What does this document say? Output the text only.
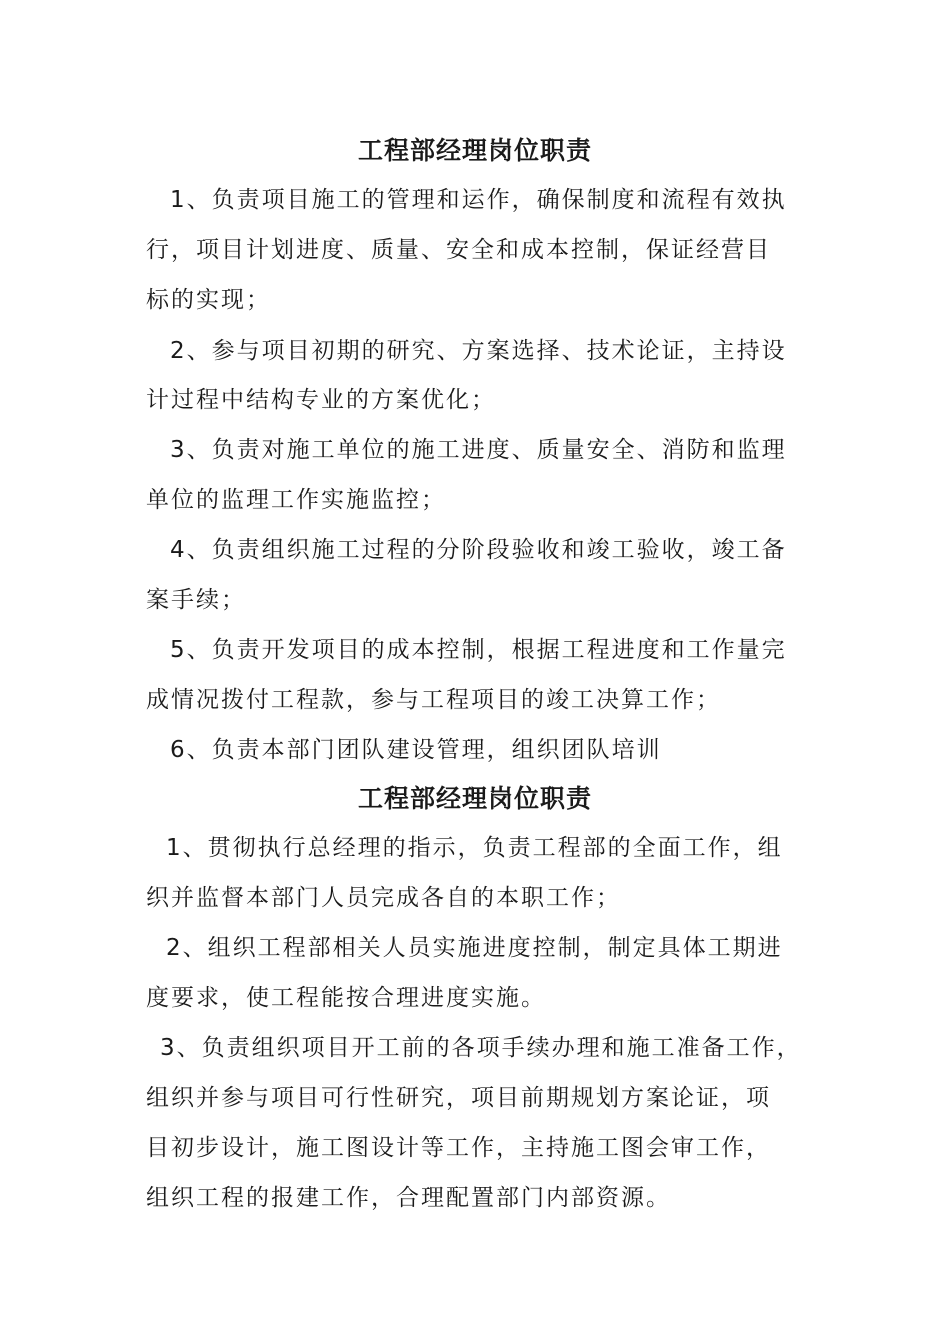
工程部经理岗位职责
1、负责项目施工的管理和运作，确保制度和流程有效执
行，项目计划进度、质量、安全和成本控制，保证经营目
标的实现；
2、参与项目初期的研究、方案选择、技术论证，主持设
计过程中结构专业的方案优化；
3、负责对施工单位的施工进度、质量安全、消防和监理
单位的监理工作实施监控；
4、负责组织施工过程的分阶段验收和竣工验收，竣工备
案手续；
5、负责开发项目的成本控制，根据工程进度和工作量完
成情况拨付工程款，参与工程项目的竣工决算工作；
6、负责本部门团队建设管理，组织团队培训
工程部经理岗位职责
1、贯彻执行总经理的指示，负责工程部的全面工作，组
织并监督本部门人员完成各自的本职工作；
2、组织工程部相关人员实施进度控制，制定具体工期进
度要求，使工程能按合理进度实施。
3、负责组织项目开工前的各项手续办理和施工准备工作，
组织并参与项目可行性研究，项目前期规划方案论证，项
目初步设计，施工图设计等工作，主持施工图会审工作，
组织工程的报建工作，合理配置部门内部资源。
